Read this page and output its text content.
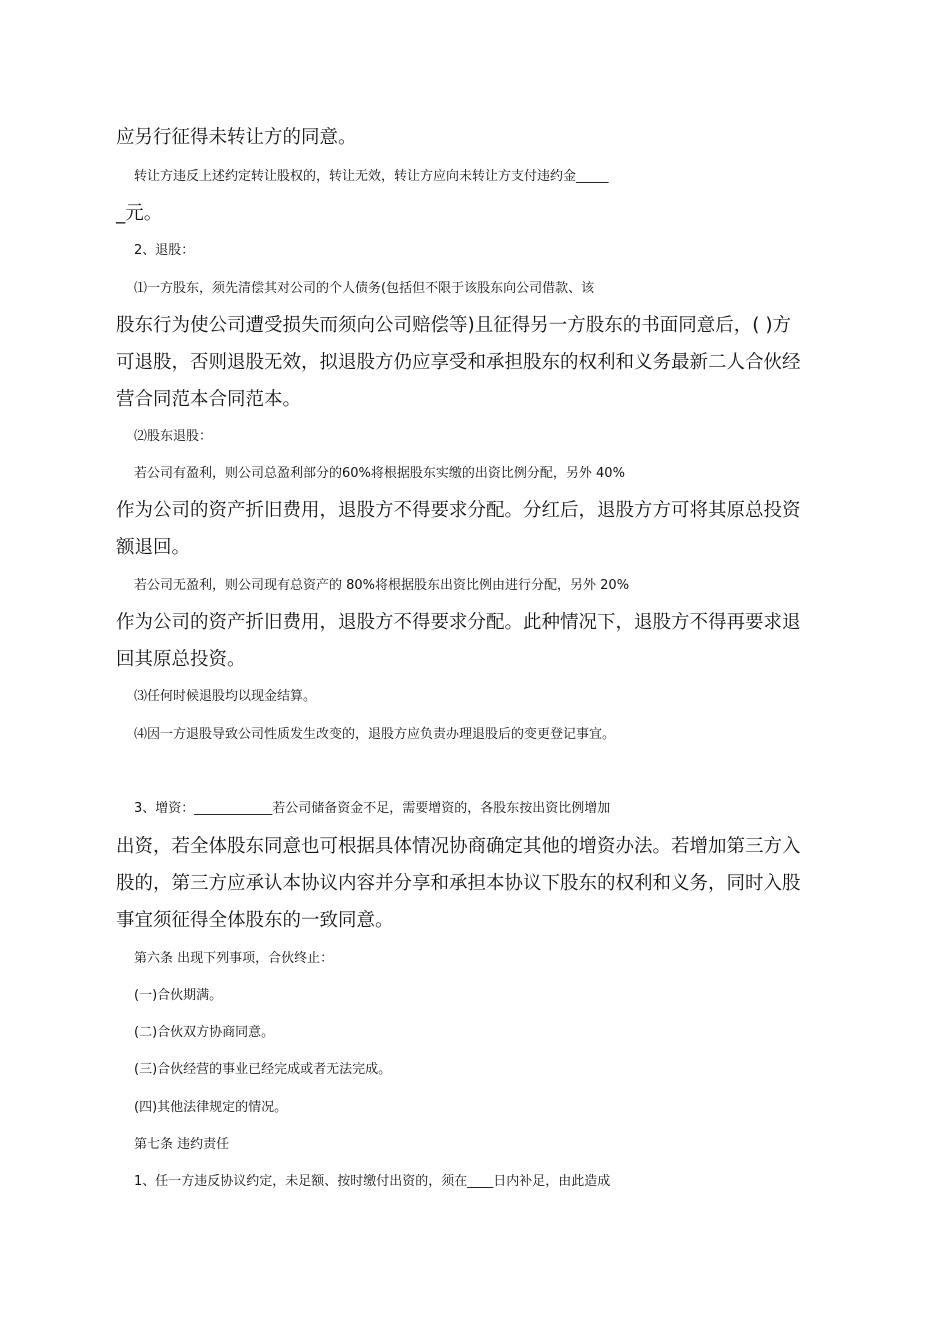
应另行征得未转让方的同意。
转让方违反上述约定转让股权的，转让无效，转让方应向未转让方支付违约金_____
_元。
2、退股：
⑴一方股东，须先清偿其对公司的个人债务(包括但不限于该股东向公司借款、该
股东行为使公司遭受损失而须向公司赔偿等)且征得另一方股东的书面同意后，( )方
可退股，否则退股无效，拟退股方仍应享受和承担股东的权利和义务最新二人合伙经
营合同范本合同范本。
⑵股东退股：
若公司有盈利，则公司总盈利部分的60%将根据股东实缴的出资比例分配，另外 40%
作为公司的资产折旧费用，退股方不得要求分配。分红后，退股方方可将其原总投资
额退回。
若公司无盈利，则公司现有总资产的 80%将根据股东出资比例由进行分配，另外 20%
作为公司的资产折旧费用，退股方不得要求分配。此种情况下，退股方不得再要求退
回其原总投资。
⑶任何时候退股均以现金结算。
⑷因一方退股导致公司性质发生改变的，退股方应负责办理退股后的变更登记事宜。
3、增资：____________若公司储备资金不足，需要增资的，各股东按出资比例增加
出资，若全体股东同意也可根据具体情况协商确定其他的增资办法。若增加第三方入
股的，第三方应承认本协议内容并分享和承担本协议下股东的权利和义务，同时入股
事宜须征得全体股东的一致同意。
第六条 出现下列事项，合伙终止：
(一)合伙期满。
(二)合伙双方协商同意。
(三)合伙经营的事业已经完成或者无法完成。
(四)其他法律规定的情况。
第七条 违约责任
1、任一方违反协议约定，未足额、按时缴付出资的，须在____日内补足，由此造成
